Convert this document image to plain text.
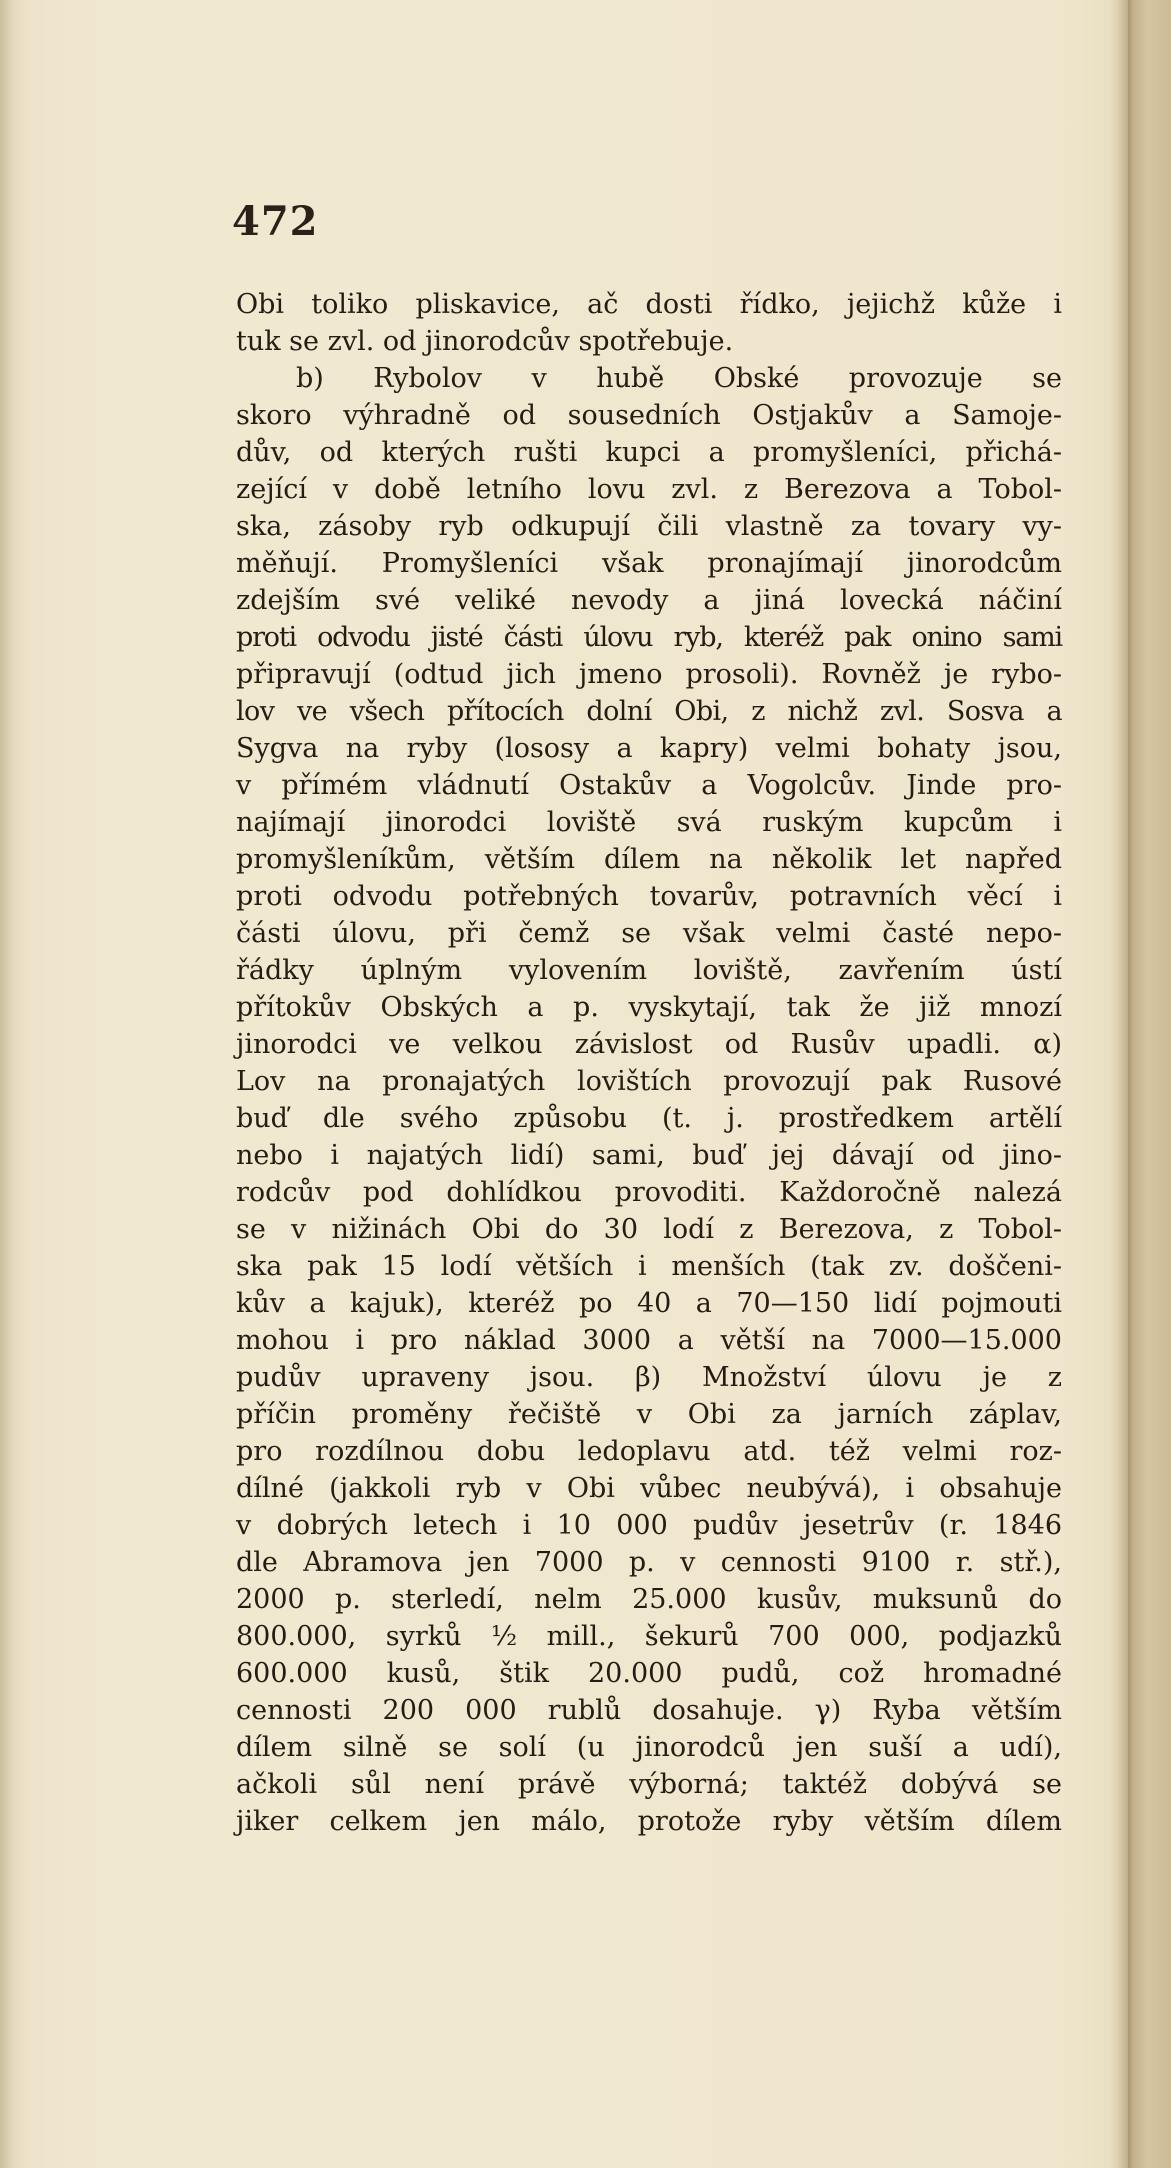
472
Obi toliko pliskavice, ač dosti řídko, jejichž kůže i
tuk se zvl. od jinorodcův spotřebuje.
b) Rybolov v hubě Obské provozuje se
skoro výhradně od sousedních Ostjakův a Samoje-
dův, od kterých rušti kupci a promyšleníci, přichá-
zející v době letního lovu zvl. z Berezova a Tobol-
ska, zásoby ryb odkupují čili vlastně za tovary vy-
měňují. Promyšleníci však pronajímají jinorodcům
zdejším své veliké nevody a jiná lovecká náčiní
proti odvodu jisté části úlovu ryb, kteréž pak onino sami
připravují (odtud jich jmeno prosoli). Rovněž je rybo-
lov ve všech přítocích dolní Obi, z nichž zvl. Sosva a
Sygva na ryby (lososy a kapry) velmi bohaty jsou,
v přímém vládnutí Ostakův a Vogolcův. Jinde pro-
najímají jinorodci loviště svá ruským kupcům i
promyšleníkům, větším dílem na několik let napřed
proti odvodu potřebných tovarův, potravních věcí i
části úlovu, při čemž se však velmi časté nepo-
řádky úplným vylovením loviště, zavřením ústí
přítokův Obských a p. vyskytají, tak že již mnozí
jinorodci ve velkou závislost od Rusův upadli. α)
Lov na pronajatých lovištích provozují pak Rusové
buď dle svého způsobu (t. j. prostředkem artělí
nebo i najatých lidí) sami, buď jej dávají od jino-
rodcův pod dohlídkou provoditi. Každoročně nalezá
se v nižinách Obi do 30 lodí z Berezova, z Tobol-
ska pak 15 lodí větších i menších (tak zv. doščeni-
kův a kajuk), kteréž po 40 a 70—150 lidí pojmouti
mohou i pro náklad 3000 a větší na 7000—15.000
pudův upraveny jsou. β) Množství úlovu je z
příčin proměny řečiště v Obi za jarních záplav,
pro rozdílnou dobu ledoplavu atd. též velmi roz-
dílné (jakkoli ryb v Obi vůbec neubývá), i obsahuje
v dobrých letech i 10 000 pudův jesetrův (r. 1846
dle Abramova jen 7000 p. v cennosti 9100 r. stř.),
2000 p. sterledí, nelm 25.000 kusův, muksunů do
800.000, syrků ½ mill., šekurů 700 000, podjazků
600.000 kusů, štik 20.000 pudů, což hromadné
cennosti 200 000 rublů dosahuje. γ) Ryba větším
dílem silně se solí (u jinorodců jen suší a udí),
ačkoli sůl není právě výborná; taktéž dobývá se
jiker celkem jen málo, protože ryby větším dílem
